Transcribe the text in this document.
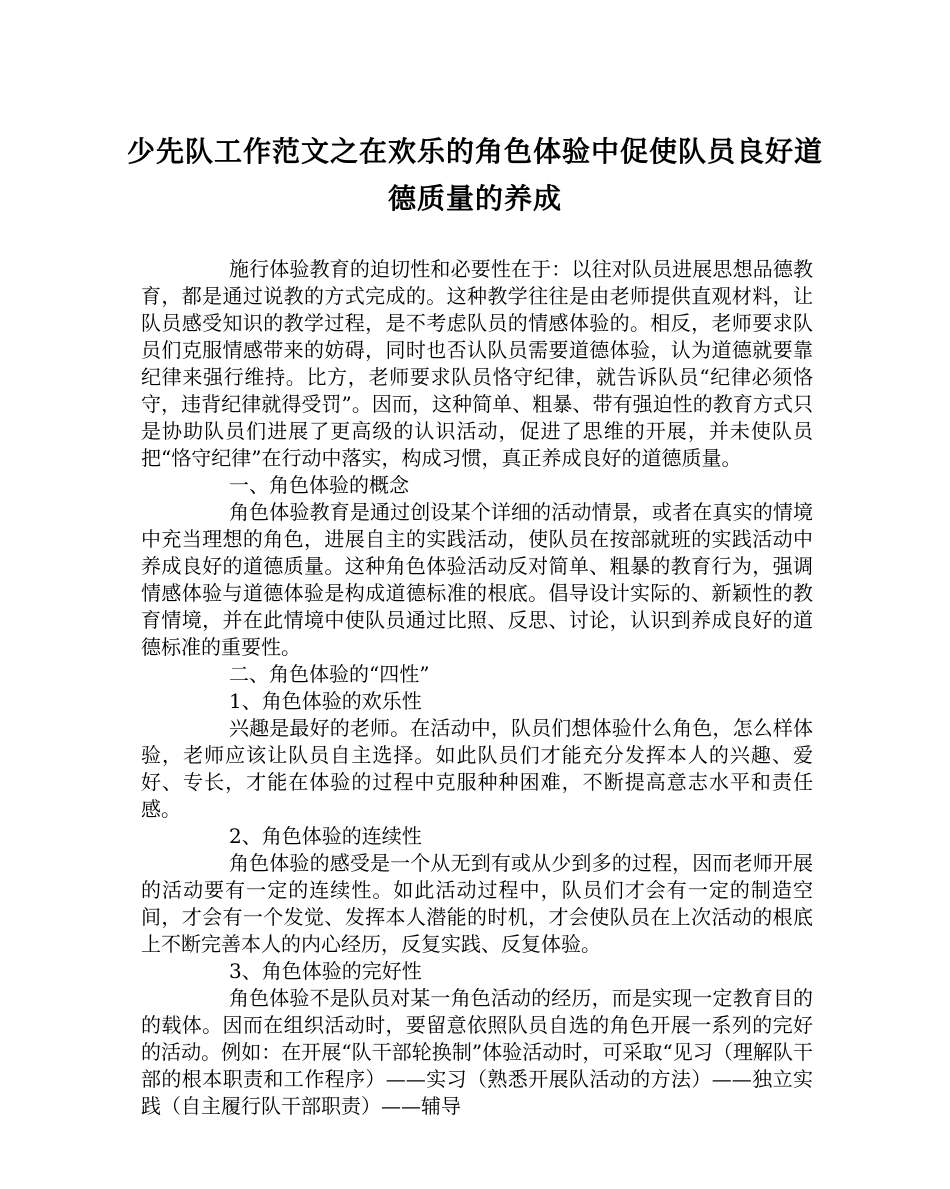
少先队工作范文之在欢乐的角色体验中促使队员良好道德质量的养成

施行体验教育的迫切性和必要性在于：以往对队员进展思想品德教育，都是通过说教的方式完成的。这种教学往往是由老师提供直观材料，让队员感受知识的教学过程，是不考虑队员的情感体验的。相反，老师要求队员们克服情感带来的妨碍，同时也否认队员需要道德体验，认为道德就要靠纪律来强行维持。比方，老师要求队员恪守纪律，就告诉队员“纪律必须恪守，违背纪律就得受罚”。因而，这种简单、粗暴、带有强迫性的教育方式只是协助队员们进展了更高级的认识活动，促进了思维的开展，并未使队员把“恪守纪律”在行动中落实，构成习惯，真正养成良好的道德质量。

一、角色体验的概念

角色体验教育是通过创设某个详细的活动情景，或者在真实的情境中充当理想的角色，进展自主的实践活动，使队员在按部就班的实践活动中养成良好的道德质量。这种角色体验活动反对简单、粗暴的教育行为，强调情感体验与道德体验是构成道德标准的根底。倡导设计实际的、新颖性的教育情境，并在此情境中使队员通过比照、反思、讨论，认识到养成良好的道德标准的重要性。

二、角色体验的“四性”

1、角色体验的欢乐性

兴趣是最好的老师。在活动中，队员们想体验什么角色，怎么样体验，老师应该让队员自主选择。如此队员们才能充分发挥本人的兴趣、爱好、专长，才能在体验的过程中克服种种困难，不断提高意志水平和责任感。

2、角色体验的连续性

角色体验的感受是一个从无到有或从少到多的过程，因而老师开展的活动要有一定的连续性。如此活动过程中，队员们才会有一定的制造空间，才会有一个发觉、发挥本人潜能的时机，才会使队员在上次活动的根底上不断完善本人的内心经历，反复实践、反复体验。

3、角色体验的完好性

角色体验不是队员对某一角色活动的经历，而是实现一定教育目的的载体。因而在组织活动时，要留意依照队员自选的角色开展一系列的完好的活动。例如：在开展“队干部轮换制”体验活动时，可采取“见习（理解队干部的根本职责和工作程序）——实习（熟悉开展队活动的方法）——独立实践（自主履行队干部职责）——辅导
